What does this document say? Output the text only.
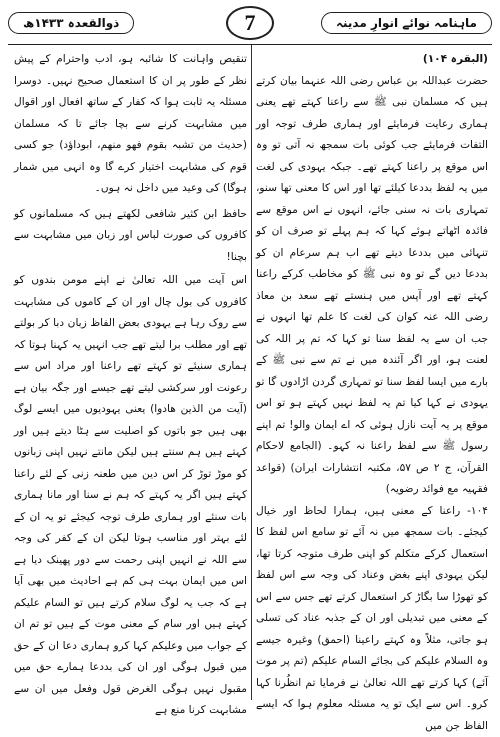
ماہنامہ نوائے انوارِ مدینہ
7
ذوالقعدہ ۱۴۳۳ھ

(البقرہ ۱۰۴)

حضرت عبداللہ بن عباس رضی اللہ عنہما بیان کرتے ہیں کہ مسلمان نبی ﷺ سے راعنا کہتے تھے یعنی ہماری رعایت فرمایئے اور ہماری طرف توجہ اور التفات فرمایئے جب کوئی بات سمجھ نہ آتی تو وہ اس موقع پر راعنا کہتے تھے۔ جبکہ یہودی کی لغت میں یہ لفظ بددعا کیلئے تھا اور اس کا معنی تھا سنو، تمہاری بات نہ سنی جائے، انہوں نے اس موقع سے فائدہ اٹھاتے ہوئے کہا کہ ہم پہلے تو صرف ان کو تنہائی میں بددعا دیتے تھے اب ہم سرعام ان کو بددعا دیں گے تو وہ نبی ﷺ کو مخاطب کرکے راعنا کہتے تھے اور آپس میں ہنستے تھے سعد بن معاذ رضی اللہ عنہ کوان کی لغت کا علم تھا انہوں نے جب ان سے یہ لفظ سنا تو کہا کہ تم پر اللہ کی لعنت ہو، اور اگر آئندہ میں نے تم سے نبی ﷺ کے بارے میں ایسا لفظ سنا تو تمہاری گردن اڑادوں گا تو یہودی نے کہا کیا تم یہ لفظ نہیں کہتے ہو تو اس موقع پر یہ آیت نازل ہوئی کہ اے ایمان والو! تم اپنے رسول ﷺ سے لفظ راعنا نہ کہو۔ (الجامع لاحکام القرآن، ج ۲ ص ۵۷، مکتبہ انتشارات ایران) (قواعد فقہیہ مع فوائد رضویہ)

۱۰۴- راعنا کے معنی ہیں، ہمارا لحاظ اور خیال کیجئے۔ بات سمجھ میں نہ آئے تو سامع اس لفظ کا استعمال کرکے متکلم کو اپنی طرف متوجہ کرتا تھا، لیکن یہودی اپنے بغض وعناد کی وجہ سے اس لفظ کو تھوڑا سا بگاڑ کر استعمال کرتے تھے جس سے اس کے معنی میں تبدیلی اور ان کے جذبہ عناد کی تسلی ہو جاتی، مثلاً وہ کہتے راعینا (احمق) وغیرہ جیسے وہ السلام علیکم کی بجائے السام علیکم (تم پر موت آئے) کہا کرتے تھے اللہ تعالیٰ نے فرمایا تم انظُرنا کہا کرو۔ اس سے ایک تو یہ مسئلہ معلوم ہوا کہ ایسے الفاظ جن میں

تنقیص واہانت کا شائبہ ہو، ادب واحترام کے پیش نظر کے طور پر ان کا استعمال صحیح نہیں۔ دوسرا مسئلہ یہ ثابت ہوا کہ کفار کے ساتھ افعال اور اقوال میں مشابہت کرنے سے بچا جائے تا کہ مسلمان (حدیث من تشبہ بقوم فھو منھم، ابوداؤد) جو کسی قوم کی مشابہت اختیار کرے گا وہ انہی میں شمار ہوگا) کی وعید میں داخل نہ ہوں۔

حافظ ابن کثیر شافعی لکھتے ہیں کہ مسلمانوں کو کافروں کی صورت لباس اور زبان میں مشابہت سے بچنا!

اس آیت میں اللہ تعالیٰ نے اپنے مومن بندوں کو کافروں کی بول چال اور ان کے کاموں کی مشابہت سے روک رہا ہے یہودی بعض الفاظ زبان دبا کر بولتے تھے اور مطلب برا لیتے تھے جب انہیں یہ کہنا ہوتا کہ ہماری سنیئے تو کہتے تھے راعنا اور مراد اس سے رعونت اور سرکشی لیتے تھے جیسے اور جگہ بیان ہے (آیت من الذین ھادوا) یعنی یہودیوں میں ایسے لوگ بھی ہیں جو باتوں کو اصلیت سے ہٹا دیتے ہیں اور کہتے ہیں ہم سنتے ہیں لیکن مانتے نہیں اپنی زبانوں کو موڑ توڑ کر اس دین میں طعنہ زنی کے لئے راعنا کہتے ہیں اگر یہ کہتے کہ ہم نے سنا اور مانا ہماری بات سنئے اور ہماری طرف توجہ کیجئے تو یہ ان کے لئے بہتر اور مناسب ہوتا لیکن ان کے کفر کی وجہ سے اللہ نے انہیں اپنی رحمت سے دور پھینک دیا ہے اس میں ایمان بہت ہی کم ہے احادیث میں بھی آیا ہے کہ جب یہ لوگ سلام کرتے ہیں تو السام علیکم کہتے ہیں اور سام کے معنی موت کے ہیں تو تم ان کے جواب میں وعلیکم کہا کرو ہماری دعا ان کے حق میں قبول ہوگی اور ان کی بددعا ہمارے حق میں مقبول نہیں ہوگی الغرض قول وفعل میں ان سے مشابہت کرنا منع ہے
